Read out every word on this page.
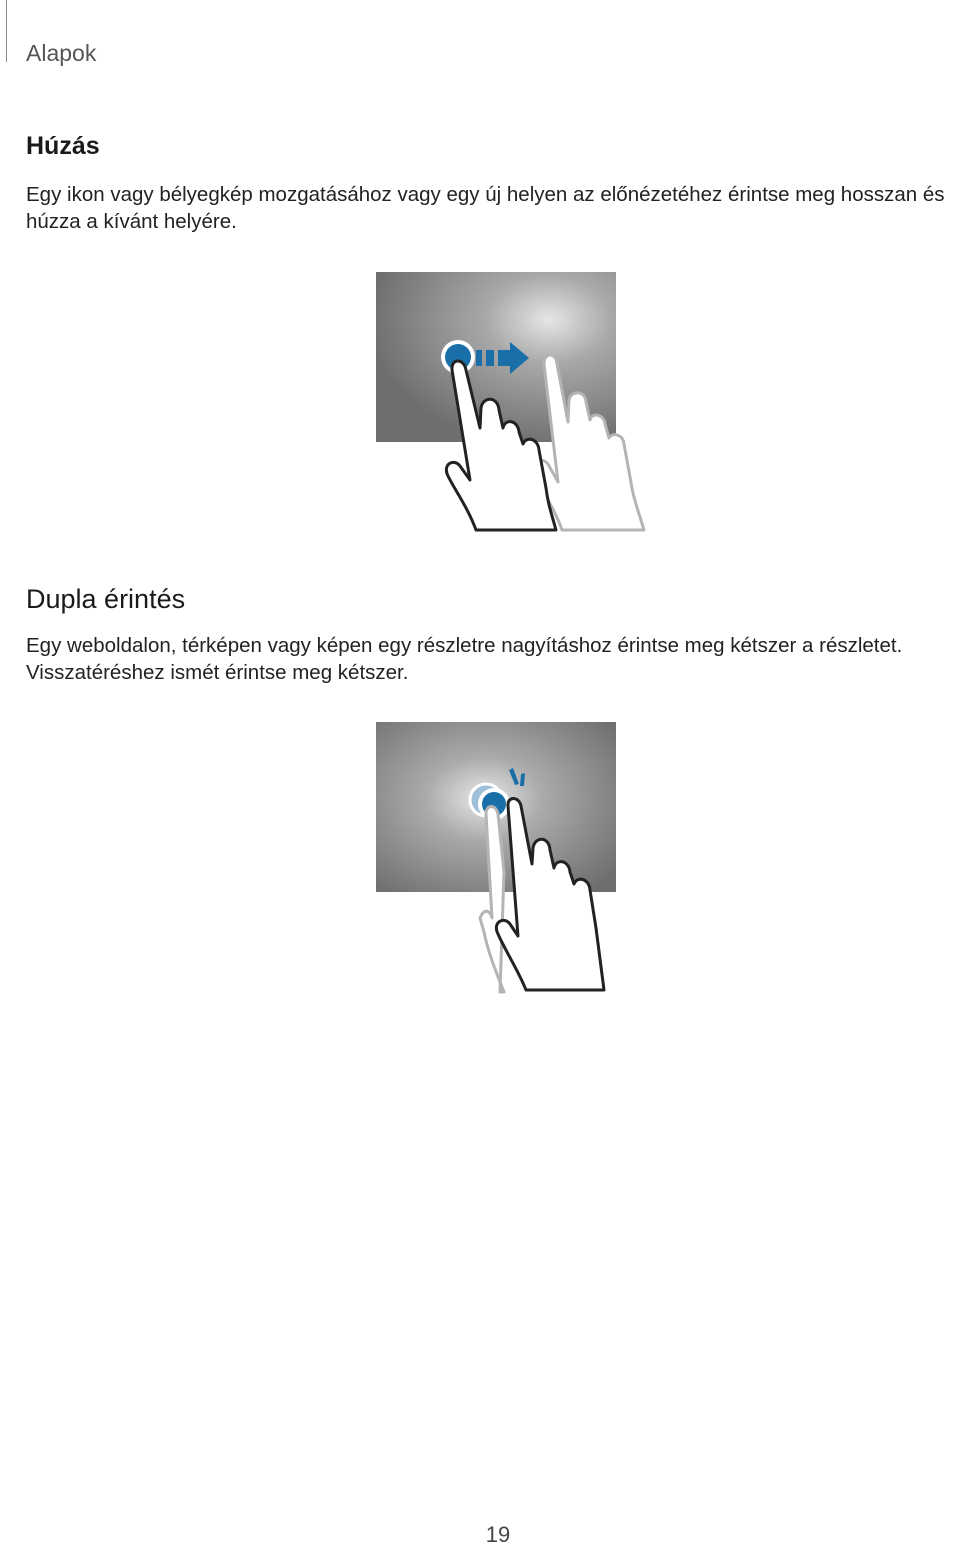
Alapok
Húzás

Egy ikon vagy bélyegkép mozgatásához vagy egy új helyen az előnézetéhez érintse meg hosszan és
húzza a kívánt helyére.

Dupla érintés

Egy weboldalon, térképen vagy képen egy részletre nagyításhoz érintse meg kétszer a részletet.
Visszatéréshez ismét érintse meg kétszer.

19
